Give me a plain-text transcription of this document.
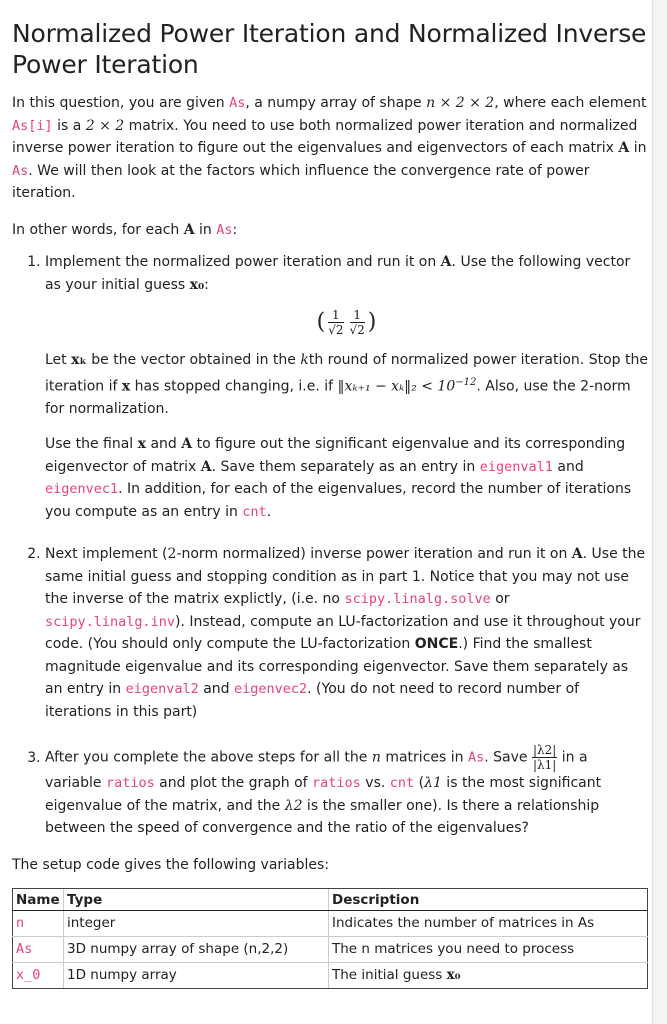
Normalized Power Iteration and Normalized Inverse Power Iteration

In this question, you are given As, a numpy array of shape n × 2 × 2, where each element As[i] is a 2 × 2 matrix. You need to use both normalized power iteration and normalized inverse power iteration to figure out the eigenvalues and eigenvectors of each matrix A in As. We will then look at the factors which influence the convergence rate of power iteration.

In other words, for each A in As:

1. Implement the normalized power iteration and run it on A. Use the following vector as your initial guess x₀:

( $\frac{1}{√2} \frac{1}{√2}$ )

Let xₖ be the vector obtained in the kth round of normalized power iteration. Stop the iteration if x has stopped changing, i.e. if ‖xₖ₊₁ − xₖ‖₂ < $10^{-12}$. Also, use the 2-norm for normalization.

Use the final x and A to figure out the significant eigenvalue and its corresponding eigenvector of matrix A. Save them separately as an entry in eigenval1 and eigenvec1. In addition, for each of the eigenvalues, record the number of iterations you compute as an entry in cnt.

2. Next implement (2-norm normalized) inverse power iteration and run it on A. Use the same initial guess and stopping condition as in part 1. Notice that you may not use the inverse of the matrix explictly, (i.e. no scipy.linalg.solve or scipy.linalg.inv). Instead, compute an LU-factorization and use it throughout your code. (You should only compute the LU-factorization ONCE.) Find the smallest magnitude eigenvalue and its corresponding eigenvector. Save them separately as an entry in eigenval2 and eigenvec2. (You do not need to record number of iterations in this part)

3. After you complete the above steps for all the n matrices in As. Save $\frac{|\lambda 2|}{|\lambda 1|}$ in a variable ratios and plot the graph of ratios vs. cnt (λ1 is the most significant eigenvalue of the matrix, and the λ2 is the smaller one). Is there a relationship between the speed of convergence and the ratio of the eigenvalues?

The setup code gives the following variables:

Name	Type	Description
n	integer	Indicates the number of matrices in As
As	3D numpy array of shape (n,2,2)	The n matrices you need to process
x_0	1D numpy array	The initial guess x₀
